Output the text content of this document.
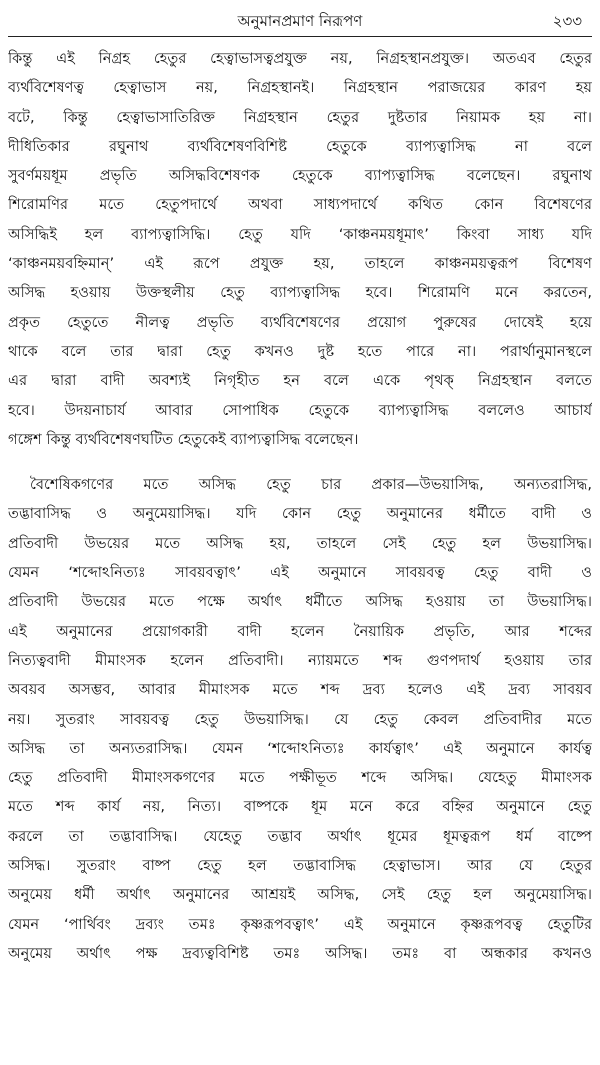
অনুমানপ্রমাণ নিরূপণ	২৩৩
কিন্তু এই নিগ্রহ হেতুর হেত্বাভাসত্বপ্রযুক্ত নয়, নিগ্রহস্থানপ্রযুক্ত। অতএব হেতুর
ব্যর্থবিশেষণত্ব হেত্বাভাস নয়, নিগ্রহস্থানই। নিগ্রহস্থান পরাজয়ের কারণ হয়
বটে, কিন্তু হেত্বাভাসাতিরিক্ত নিগ্রহস্থান হেতুর দুষ্টতার নিয়ামক হয় না।
দীধিতিকার রঘুনাথ ব্যর্থবিশেষণবিশিষ্ট হেতুকে ব্যাপ্যত্বাসিদ্ধ না বলে
সুবর্ণময়ধূম প্রভৃতি অসিদ্ধবিশেষণক হেতুকে ব্যাপ্যত্বাসিদ্ধ বলেছেন। রঘুনাথ
শিরোমণির মতে হেতুপদার্থে অথবা সাধ্যপদার্থে কথিত কোন বিশেষণের
অসিদ্ধিই হল ব্যাপ্যত্বাসিদ্ধি। হেতু যদি ‘কাঞ্চনময়ধূমাৎ’ কিংবা সাধ্য যদি
‘কাঞ্চনময়বহ্নিমান্’ এই রূপে প্রযুক্ত হয়, তাহলে কাঞ্চনময়ত্বরূপ বিশেষণ
অসিদ্ধ হওয়ায় উক্তস্থলীয় হেতু ব্যাপ্যত্বাসিদ্ধ হবে। শিরোমণি মনে করতেন,
প্রকৃত হেতুতে নীলত্ব প্রভৃতি ব্যর্থবিশেষণের প্রয়োগ পুরুষের দোষেই হয়ে
থাকে বলে তার দ্বারা হেতু কখনও দুষ্ট হতে পারে না। পরার্থানুমানস্থলে
এর দ্বারা বাদী অবশ্যই নিগৃহীত হন বলে একে পৃথক্ নিগ্রহস্থান বলতে
হবে। উদয়নাচার্য আবার সোপাধিক হেতুকে ব্যাপ্যত্বাসিদ্ধ বললেও আচার্য
গঙ্গেশ কিন্তু ব্যর্থবিশেষণঘটিত হেতুকেই ব্যাপ্যত্বাসিদ্ধ বলেছেন।
বৈশেষিকগণের মতে অসিদ্ধ হেতু চার প্রকার—উভয়াসিদ্ধ, অন্যতরাসিদ্ধ,
তদ্ভাবাসিদ্ধ ও অনুমেয়াসিদ্ধ। যদি কোন হেতু অনুমানের ধর্মীতে বাদী ও
প্রতিবাদী উভয়ের মতে অসিদ্ধ হয়, তাহলে সেই হেতু হল উভয়াসিদ্ধ।
যেমন ‘শব্দোঽনিত্যঃ সাবয়বত্বাৎ’ এই অনুমানে সাবয়বত্ব হেতু বাদী ও
প্রতিবাদী উভয়ের মতে পক্ষে অর্থাৎ ধর্মীতে অসিদ্ধ হওয়ায় তা উভয়াসিদ্ধ।
এই অনুমানের প্রয়োগকারী বাদী হলেন নৈয়ায়িক প্রভৃতি, আর শব্দের
নিত্যত্ববাদী মীমাংসক হলেন প্রতিবাদী। ন্যায়মতে শব্দ গুণপদার্থ হওয়ায় তার
অবয়ব অসম্ভব, আবার মীমাংসক মতে শব্দ দ্রব্য হলেও এই দ্রব্য সাবয়ব
নয়। সুতরাং সাবয়বত্ব হেতু উভয়াসিদ্ধ। যে হেতু কেবল প্রতিবাদীর মতে
অসিদ্ধ তা অন্যতরাসিদ্ধ। যেমন ‘শব্দোঽনিত্যঃ কার্যত্বাৎ’ এই অনুমানে কার্যত্ব
হেতু প্রতিবাদী মীমাংসকগণের মতে পক্ষীভূত শব্দে অসিদ্ধ। যেহেতু মীমাংসক
মতে শব্দ কার্য নয়, নিত্য। বাষ্পকে ধূম মনে করে বহ্নির অনুমানে হেতু
করলে তা তদ্ভাবাসিদ্ধ। যেহেতু তদ্ভাব অর্থাৎ ধূমের ধূমত্বরূপ ধর্ম বাষ্পে
অসিদ্ধ। সুতরাং বাষ্প হেতু হল তদ্ভাবাসিদ্ধ হেত্বাভাস। আর যে হেতুর
অনুমেয় ধর্মী অর্থাৎ অনুমানের আশ্রয়ই অসিদ্ধ, সেই হেতু হল অনুমেয়াসিদ্ধ।
যেমন ‘পার্থিবং দ্রব্যং তমঃ কৃষ্ণরূপবত্বাৎ’ এই অনুমানে কৃষ্ণরূপবত্ব হেতুটির
অনুমেয় অর্থাৎ পক্ষ দ্রব্যত্ববিশিষ্ট তমঃ অসিদ্ধ। তমঃ বা অন্ধকার কখনও
